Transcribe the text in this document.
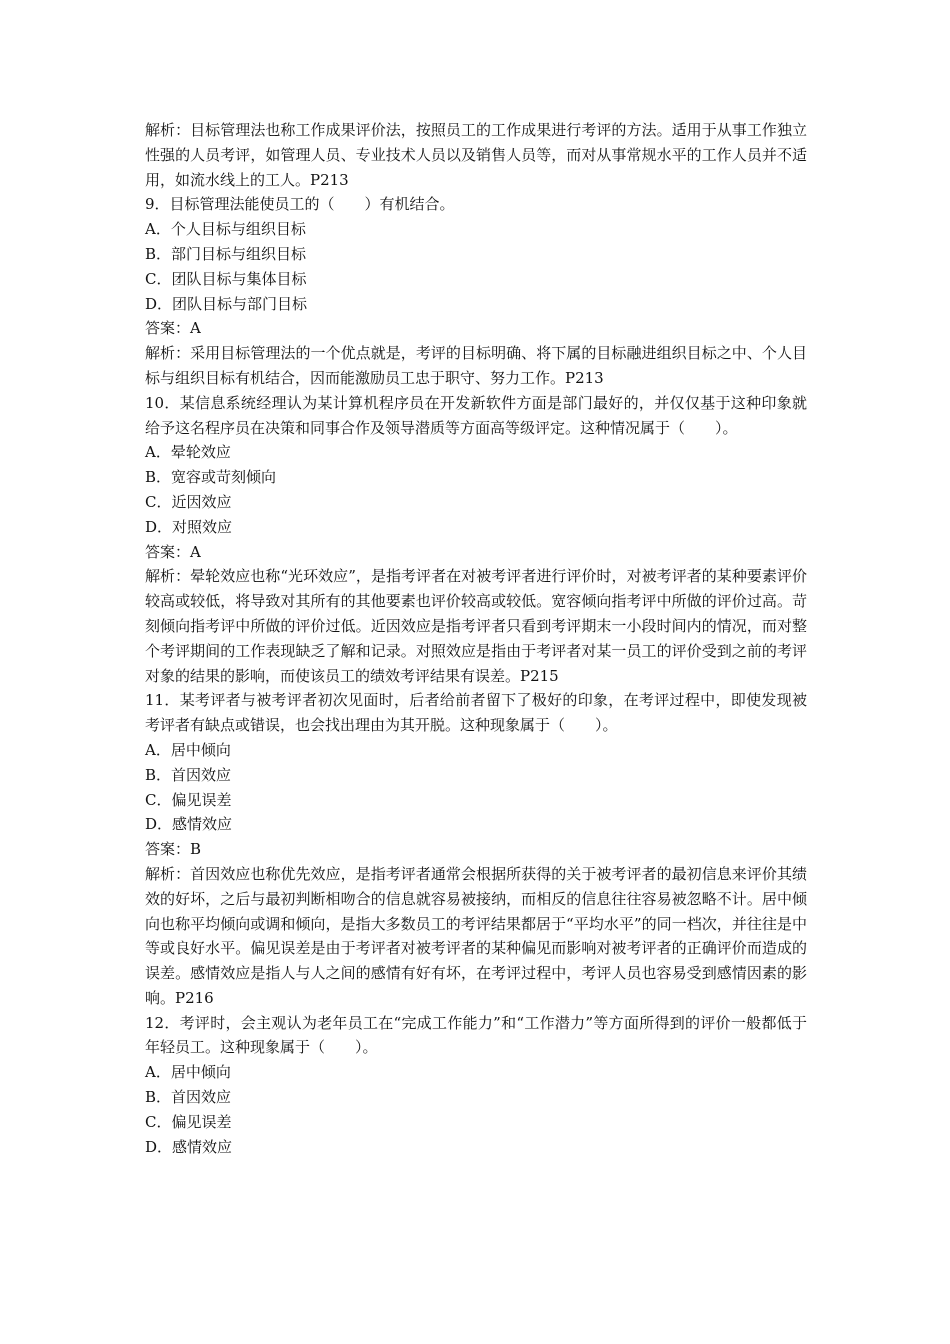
解析：目标管理法也称工作成果评价法，按照员工的工作成果进行考评的方法。适用于从事工作独立性强的人员考评，如管理人员、专业技术人员以及销售人员等，而对从事常规水平的工作人员并不适用，如流水线上的工人。P213
9．目标管理法能使员工的（　　）有机结合。
A．个人目标与组织目标
B．部门目标与组织目标
C．团队目标与集体目标
D．团队目标与部门目标
答案：A
解析：采用目标管理法的一个优点就是，考评的目标明确、将下属的目标融进组织目标之中、个人目标与组织目标有机结合，因而能激励员工忠于职守、努力工作。P213
10．某信息系统经理认为某计算机程序员在开发新软件方面是部门最好的，并仅仅基于这种印象就给予这名程序员在决策和同事合作及领导潜质等方面高等级评定。这种情况属于（　　）。
A．晕轮效应
B．宽容或苛刻倾向
C．近因效应
D．对照效应
答案：A
解析：晕轮效应也称“光环效应”，是指考评者在对被考评者进行评价时，对被考评者的某种要素评价较高或较低，将导致对其所有的其他要素也评价较高或较低。宽容倾向指考评中所做的评价过高。苛刻倾向指考评中所做的评价过低。近因效应是指考评者只看到考评期末一小段时间内的情况，而对整个考评期间的工作表现缺乏了解和记录。对照效应是指由于考评者对某一员工的评价受到之前的考评对象的结果的影响，而使该员工的绩效考评结果有误差。P215
11．某考评者与被考评者初次见面时，后者给前者留下了极好的印象，在考评过程中，即使发现被考评者有缺点或错误，也会找出理由为其开脱。这种现象属于（　　）。
A．居中倾向
B．首因效应
C．偏见误差
D．感情效应
答案：B
解析：首因效应也称优先效应，是指考评者通常会根据所获得的关于被考评者的最初信息来评价其绩效的好坏，之后与最初判断相吻合的信息就容易被接纳，而相反的信息往往容易被忽略不计。居中倾向也称平均倾向或调和倾向，是指大多数员工的考评结果都居于“平均水平”的同一档次，并往往是中等或良好水平。偏见误差是由于考评者对被考评者的某种偏见而影响对被考评者的正确评价而造成的误差。感情效应是指人与人之间的感情有好有坏，在考评过程中，考评人员也容易受到感情因素的影响。P216
12．考评时，会主观认为老年员工在“完成工作能力”和“工作潜力”等方面所得到的评价一般都低于年轻员工。这种现象属于（　　）。
A．居中倾向
B．首因效应
C．偏见误差
D．感情效应
